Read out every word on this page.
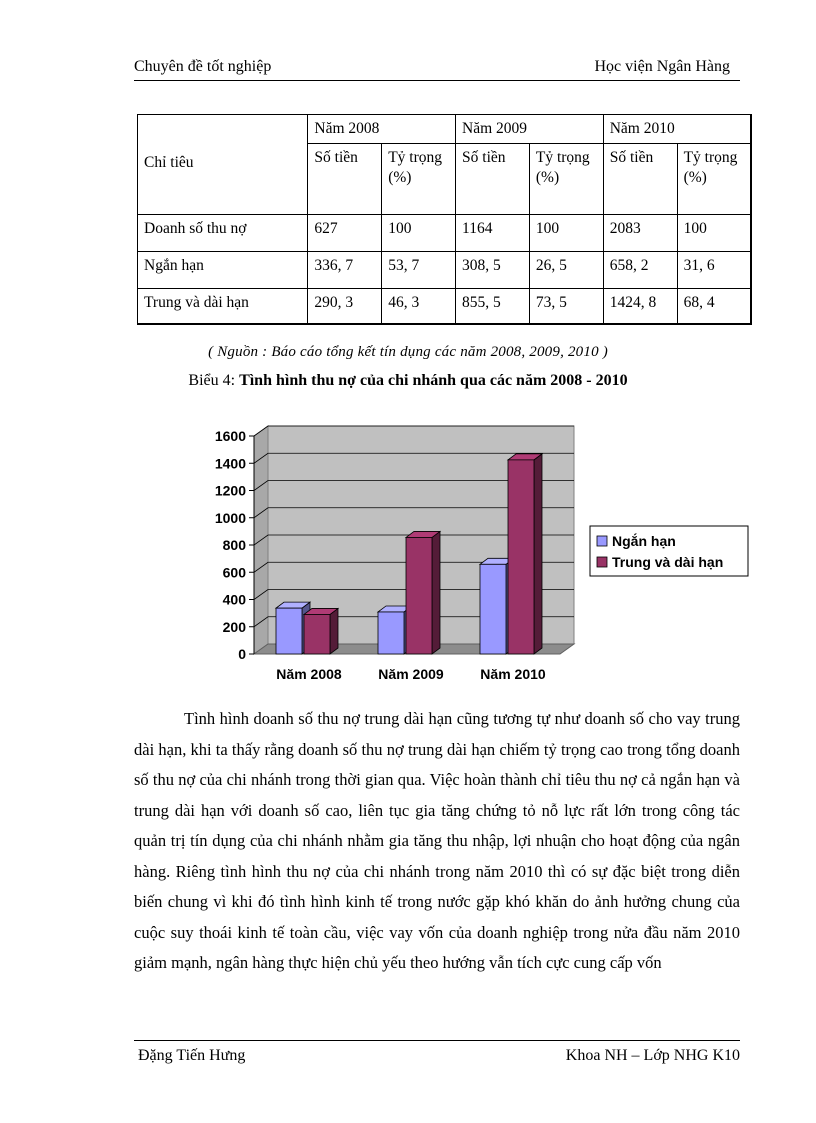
Chuyên đề tốt nghiệp	Học viện Ngân Hàng
Chỉ tiêu	Năm 2008		Năm 2009		Năm 2010	
	Số tiền	Tỷ trọng (%)	Số tiền	Tỷ trọng (%)	Số tiền	Tỷ trọng (%)
Doanh số thu nợ	627	100	1164	100	2083	100
Ngắn hạn	336, 7	53, 7	308, 5	26, 5	658, 2	31, 6
Trung và dài hạn	290, 3	46, 3	855, 5	73, 5	1424, 8	68, 4
( Nguồn : Báo cáo tổng kết tín dụng các năm 2008, 2009, 2010 )
Biểu 4: Tình hình thu nợ của chi nhánh qua các năm 2008 - 2010
0
200
400
600
800
1000
1200
1400
1600
Năm 2008	Năm 2009	Năm 2010
Ngắn hạn
Trung và dài hạn

Tình hình doanh số thu nợ trung dài hạn cũng tương tự như doanh số cho vay trung dài hạn, khi ta thấy rằng doanh số thu nợ trung dài hạn chiếm tỷ trọng cao trong tổng doanh số thu nợ của chi nhánh trong thời gian qua. Việc hoàn thành chỉ tiêu thu nợ cả ngắn hạn và trung dài hạn với doanh số cao, liên tục gia tăng chứng tỏ nỗ lực rất lớn trong công tác quản trị tín dụng của chi nhánh nhằm gia tăng thu nhập, lợi nhuận cho hoạt động của ngân hàng. Riêng tình hình thu nợ của chi nhánh trong năm 2010 thì có sự đặc biệt trong diễn biến chung vì khi đó tình hình kinh tế trong nước gặp khó khăn do ảnh hưởng chung của cuộc suy thoái kinh tế toàn cầu, việc vay vốn của doanh nghiệp trong nửa đầu năm 2010 giảm mạnh, ngân hàng thực hiện chủ yếu theo hướng vẫn tích cực cung cấp vốn

Đặng Tiến Hưng	Khoa NH – Lớp NHG K10
